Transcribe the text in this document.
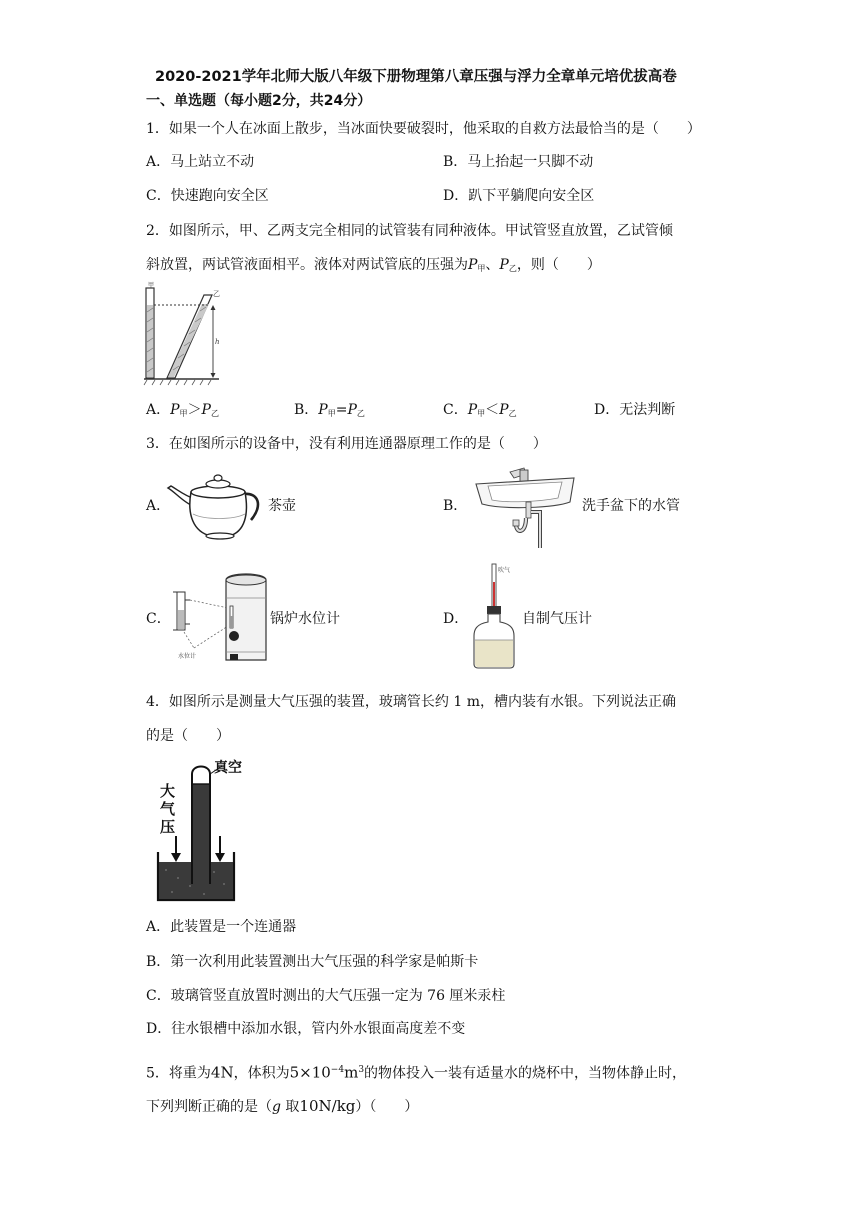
2020-2021学年北师大版八年级下册物理第八章压强与浮力全章单元培优拔高卷
一、单选题（每小题2分，共24分）
1．如果一个人在冰面上散步，当冰面快要破裂时，他采取的自救方法最恰当的是（　　）
A．马上站立不动	B．马上抬起一只脚不动
C．快速跑向安全区	D．趴下平躺爬向安全区
2．如图所示，甲、乙两支完全相同的试管装有同种液体。甲试管竖直放置，乙试管倾
斜放置，两试管液面相平。液体对两试管底的压强为$P_甲$、$P_乙$，则（　　）
甲
乙
h
A．$P_甲>P_乙$	B．$P_甲=P_乙$	C．$P_甲<P_乙$	D．无法判断
3．在如图所示的设备中，没有利用连通器原理工作的是（　　）
A．	茶壶	B．	洗手盆下的水管
C．
水位计
锅炉水位计	D．
吹气
自制气压计
4．如图所示是测量大气压强的装置，玻璃管长约 1 m，槽内装有水银。下列说法正确
的是（　　）
真空
大
气
压
A．此装置是一个连通器
B．第一次利用此装置测出大气压强的科学家是帕斯卡
C．玻璃管竖直放置时测出的大气压强一定为 76 厘米汞柱
D．往水银槽中添加水银，管内外水银面高度差不变
5．将重为4N，体积为$5\times 10^{-4}m^3$的物体投入一装有适量水的烧杯中，当物体静止时，
下列判断正确的是（g 取10N/kg）（　　）
